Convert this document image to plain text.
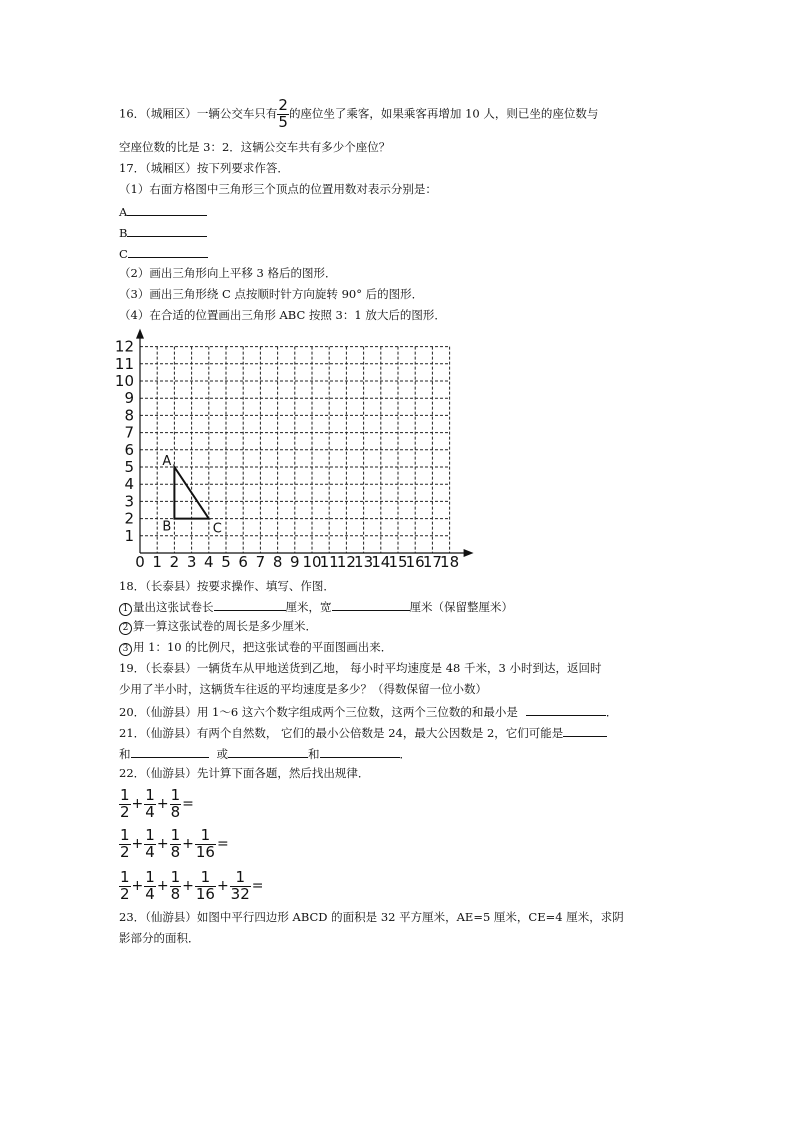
16．（城厢区）一辆公交车只有 $\frac{2}{5}$ 的座位坐了乘客，如果乘客再增加 10 人，则已坐的座位数与
空座位数的比是 3：2．这辆公交车共有多少个座位？
17．（城厢区）按下列要求作答．
（1）右面方格图中三角形三个顶点的位置用数对表示分别是：
A
B
C
（2）画出三角形向上平移 3 格后的图形．
（3）画出三角形绕 C 点按顺时针方向旋转 90° 后的图形．
（4）在合适的位置画出三角形 ABC 按照 3：1 放大后的图形．
0 1 2 3 4 5 6 7 8 9 10
11
12
13
14
15
16
17
18
1
2
3
4
5
6
7
8
9
10
11
12
A
B	C
18．（长泰县）按要求操作、填写、作图．
1 量出这张试卷长	厘米，宽	厘米（保留整厘米）
2 算一算这张试卷的周长是多少厘米．
3 用 1：10 的比例尺，把这张试卷的平面图画出来．
19．（长泰县）一辆货车从甲地送货到乙地， 每小时平均速度是 48 千米，3 小时到达，返回时
少用了半小时，这辆货车往返的平均速度是多少？（得数保留一位小数）
20．（仙游县）用 1～6 这六个数字组成两个三位数，这两个三位数的和最小是	．
21．（仙游县）有两个自然数， 它们的最小公倍数是 24，最大公因数是 2，它们可能是
和	或	和	．
22．（仙游县）先计算下面各题，然后找出规律．
$\frac{1}{2} + \frac{1}{4} + \frac{1}{8}$ =
$\frac{1}{2} + \frac{1}{4} + \frac{1}{8} + \frac{1}{16}$ =
$\frac{1}{2} + \frac{1}{4} + \frac{1}{8} + \frac{1}{16} + \frac{1}{32}$ =
23．（仙游县）如图中平行四边形 ABCD 的面积是 32 平方厘米，AE=5 厘米，CE=4 厘米，求阴
影部分的面积．
